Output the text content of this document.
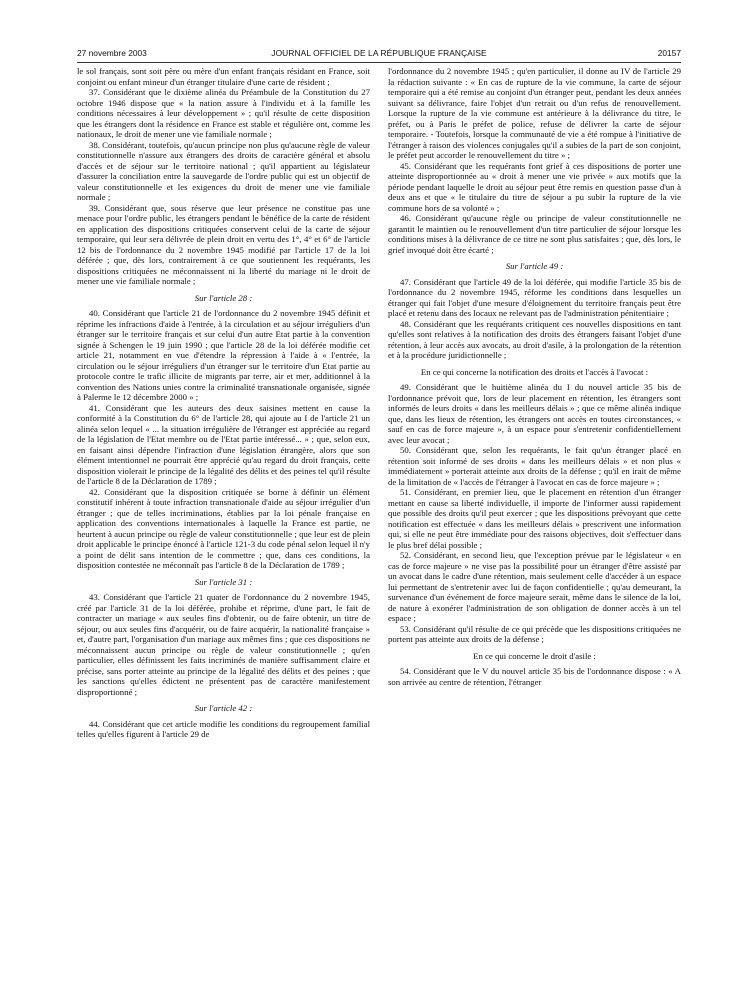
27 novembre 2003	JOURNAL OFFICIEL DE LA RÉPUBLIQUE FRANÇAISE	20157

le sol français, sont soit père ou mère d'un enfant français résidant en France, soit conjoint ou enfant mineur d'un étranger titulaire d'une carte de résident ;

37. Considérant que le dixième alinéa du Préambule de la Constitution du 27 octobre 1946 dispose que « la nation assure à l'individu et à la famille les conditions nécessaires à leur développement » ; qu'il résulte de cette disposition que les étrangers dont la résidence en France est stable et régulière ont, comme les nationaux, le droit de mener une vie familiale normale ;

38. Considérant, toutefois, qu'aucun principe non plus qu'aucune règle de valeur constitutionnelle n'assure aux étrangers des droits de caractère général et absolu d'accès et de séjour sur le territoire national ; qu'il appartient au législateur d'assurer la conciliation entre la sauvegarde de l'ordre public qui est un objectif de valeur constitutionnelle et les exigences du droit de mener une vie familiale normale ;

39. Considérant que, sous réserve que leur présence ne constitue pas une menace pour l'ordre public, les étrangers pendant le bénéfice de la carte de résident en application des dispositions critiquées conservent celui de la carte de séjour temporaire, qui leur sera délivrée de plein droit en vertu des 1°, 4° et 6° de l'article 12 bis de l'ordonnance du 2 novembre 1945 modifié par l'article 17 de la loi déférée ; que, dès lors, contrairement à ce que soutiennent les requérants, les dispositions critiquées ne méconnaissent ni la liberté du mariage ni le droit de mener une vie familiale normale ;

Sur l'article 28 :

40. Considérant que l'article 21 de l'ordonnance du 2 novembre 1945 définit et réprime les infractions d'aide à l'entrée, à la circulation et au séjour irréguliers d'un étranger sur le territoire français et sur celui d'un autre Etat partie à la convention signée à Schengen le 19 juin 1990 ; que l'article 28 de la loi déférée modifie cet article 21, notamment en vue d'étendre la répression à l'aide à « l'entrée, la circulation ou le séjour irréguliers d'un étranger sur le territoire d'un Etat partie au protocole contre le trafic illicite de migrants par terre, air et mer, additionnel à la convention des Nations unies contre la criminalité transnationale organisée, signée à Palerme le 12 décembre 2000 » ;

41. Considérant que les auteurs des deux saisines mettent en cause la conformité à la Constitution du 6° de l'article 28, qui ajoute au I de l'article 21 un alinéa selon lequel « ... la situation irrégulière de l'étranger est appréciée au regard de la législation de l'Etat membre ou de l'Etat partie intéressé... » ; que, selon eux, en faisant ainsi dépendre l'infraction d'une législation étrangère, alors que son élément intentionnel ne pourrait être apprécié qu'au regard du droit français, cette disposition violerait le principe de la légalité des délits et des peines tel qu'il résulte de l'article 8 de la Déclaration de 1789 ;

42. Considérant que la disposition critiquée se borne à définir un élément constitutif inhérent à toute infraction transnationale d'aide au séjour irrégulier d'un étranger ; que de telles incriminations, établies par la loi pénale française en application des conventions internationales à laquelle la France est partie, ne heurtent à aucun principe ou règle de valeur constitutionnelle ; que leur est de plein droit applicable le principe énoncé à l'article 121-3 du code pénal selon lequel il n'y a point de délit sans intention de le commettre ; que, dans ces conditions, la disposition contestée ne méconnaît pas l'article 8 de la Déclaration de 1789 ;

Sur l'article 31 :

43. Considérant que l'article 21 quater de l'ordonnance du 2 novembre 1945, créé par l'article 31 de la loi déférée, prohibe et réprime, d'une part, le fait de contracter un mariage « aux seules fins d'obtenir, ou de faire obtenir, un titre de séjour, ou aux seules fins d'acquérir, ou de faire acquérir, la nationalité française » et, d'autre part, l'organisation d'un mariage aux mêmes fins ; que ces dispositions ne méconnaissent aucun principe ou règle de valeur constitutionnelle ; qu'en particulier, elles définissent les faits incriminés de manière suffisamment claire et précise, sans porter atteinte au principe de la légalité des délits et des peines ; que les sanctions qu'elles édictent ne présentent pas de caractère manifestement disproportionné ;

Sur l'article 42 :

44. Considérant que cet article modifie les conditions du regroupement familial telles qu'elles figurent à l'article 29 de

l'ordonnance du 2 novembre 1945 ; qu'en particulier, il donne au IV de l'article 29 la rédaction suivante : « En cas de rupture de la vie commune, la carte de séjour temporaire qui a été remise au conjoint d'un étranger peut, pendant les deux années suivant sa délivrance, faire l'objet d'un retrait ou d'un refus de renouvellement. Lorsque la rupture de la vie commune est antérieure à la délivrance du titre, le préfet, ou à Paris le préfet de police, refuse de délivrer la carte de séjour temporaire. - Toutefois, lorsque la communauté de vie a été rompue à l'initiative de l'étranger à raison des violences conjugales qu'il a subies de la part de son conjoint, le préfet peut accorder le renouvellement du titre » ;

45. Considérant que les requérants font grief à ces dispositions de porter une atteinte disproportionnée au « droit à mener une vie privée » aux motifs que la période pendant laquelle le droit au séjour peut être remis en question passe d'un à deux ans et que « le titulaire du titre de séjour a pu subir la rupture de la vie commune hors de sa volonté » ;

46. Considérant qu'aucune règle ou principe de valeur constitutionnelle ne garantit le maintien ou le renouvellement d'un titre particulier de séjour lorsque les conditions mises à la délivrance de ce titre ne sont plus satisfaites ; que, dès lors, le grief invoqué doit être écarté ;

Sur l'article 49 :

47. Considérant que l'article 49 de la loi déférée, qui modifie l'article 35 bis de l'ordonnance du 2 novembre 1945, réforme les conditions dans lesquelles un étranger qui fait l'objet d'une mesure d'éloignement du territoire français peut être placé et retenu dans des locaux ne relevant pas de l'administration pénitentiaire ;

48. Considérant que les requérants critiquent ces nouvelles dispositions en tant qu'elles sont relatives à la notification des droits des étrangers faisant l'objet d'une rétention, à leur accès aux avocats, au droit d'asile, à la prolongation de la rétention et à la procédure juridictionnelle ;

En ce qui concerne la notification des droits et l'accès à l'avocat :

49. Considérant que le huitième alinéa du I du nouvel article 35 bis de l'ordonnance prévoit que, lors de leur placement en rétention, les étrangers sont informés de leurs droits « dans les meilleurs délais » ; que ce même alinéa indique que, dans les lieux de rétention, les étrangers ont accès en toutes circonstances, « sauf en cas de force majeure », à un espace pour s'entretenir confidentiellement avec leur avocat ;

50. Considérant que, selon les requérants, le fait qu'un étranger placé en rétention soit informé de ses droits « dans les meilleurs délais » et non plus « immédiatement » porterait atteinte aux droits de la défense ; qu'il en irait de même de la limitation de « l'accès de l'étranger à l'avocat en cas de force majeure » ;

51. Considérant, en premier lieu, que le placement en rétention d'un étranger mettant en cause sa liberté individuelle, il importe de l'informer aussi rapidement que possible des droits qu'il peut exercer ; que les dispositions prévoyant que cette notification est effectuée « dans les meilleurs délais » prescrivent une information qui, si elle ne peut être immédiate pour des raisons objectives, doit s'effectuer dans le plus bref délai possible ;

52. Considérant, en second lieu, que l'exception prévue par le législateur « en cas de force majeure » ne vise pas la possibilité pour un étranger d'être assisté par un avocat dans le cadre d'une rétention, mais seulement celle d'accéder à un espace lui permettant de s'entretenir avec lui de façon confidentielle ; qu'au demeurant, la survenance d'un événement de force majeure serait, même dans le silence de la loi, de nature à exonérer l'administration de son obligation de donner accès à un tel espace ;

53. Considérant qu'il résulte de ce qui précède que les dispositions critiquées ne portent pas atteinte aux droits de la défense ;

En ce qui concerne le droit d'asile :

54. Considérant que le V du nouvel article 35 bis de l'ordonnance dispose : « A son arrivée au centre de rétention, l'étranger
